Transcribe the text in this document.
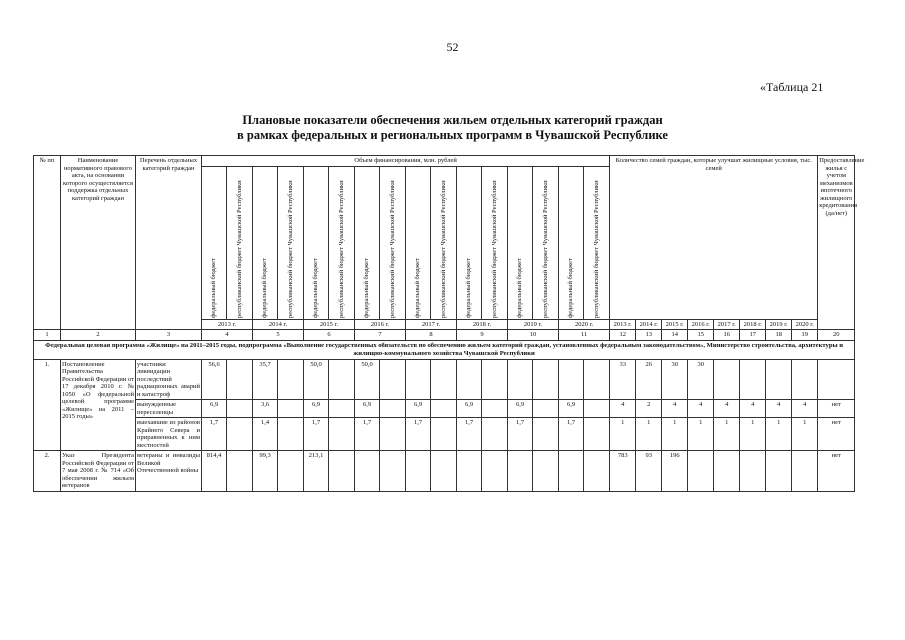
52
«Таблица 21
Плановые показатели обеспечения жильем отдельных категорий граждан
в рамках федеральных и региональных программ в Чувашской Республике
№ пп	Наименование нормативного правового акта, на основании которого осуществляется поддержка отдельных категорий граждан	Перечень отдельных категорий граждан	Объем финансирования, млн. рублей																Количество семей граждан, которые улучшат жилищные условия, тыс. семей								Предоставление жилья с учетом механизмов ипотечного жилищного кредитования (да/нет)

			федеральный бюджет	республиканский бюджет Чувашской Республики	федеральный бюджет	республиканский бюджет Чувашской Республики	федеральный бюджет	республиканский бюджет Чувашской Республики	федеральный бюджет	республиканский бюджет Чувашской Республики	федеральный бюджет	республиканский бюджет Чувашской Республики	федеральный бюджет	республиканский бюджет Чувашской Республики	федеральный бюджет	республиканский бюджет Чувашской Республики	федеральный бюджет	республиканский бюджет Чувашской Республики									

			2013 г.		2014 г.		2015 г.		2016 г.		2017 г.		2018 г.		2019 г.		2020 г.		2013 г.	2014 г.	2015 г.	2016 г.	2017 г.	2018 г.	2019 г.	2020 г.	
1	2	3	4		5		6		7		8		9		10		11		12	13	14	15	16	17	18	19	20
Федеральная целевая программа «Жилище» на 2011–2015 годы, подпрограмма «Выполнение государственных обязательств по обеспечению жильем категорий граждан, установленных федеральным законодательством», Министерство строительства, архитектуры и жилищно-коммунального хозяйства Чувашской Республики																											
1.	Постановление Правительства Российской Федерации от 17 декабря 2010 г. № 1050 «О федеральной целевой программе «Жилище» на 2011 – 2015 годы»	участники ликвидации последствий радиационных аварий и катастроф	56,6		35,7		50,0		50,0										33	26	30	30					
		вынужденные переселенцы	6,9		3,6		6,9		6,9		6,9		6,9		6,9		6,9		4	2	4	4	4	4	4	4	нет
		выехавшие из районов Крайнего Севера и приравненных к ним местностей	1,7		1,4		1,7		1,7		1,7		1,7		1,7		1,7		1	1	1	1	1	1	1	1	нет
2.	Указ Президента Российской Федерации от 7 мая 2008 г. № 714 «Об обеспечении жильем ветеранов	ветераны и инвалиды Великой Отечественной войны	814,4		99,3		213,1												783	93	196						нет
